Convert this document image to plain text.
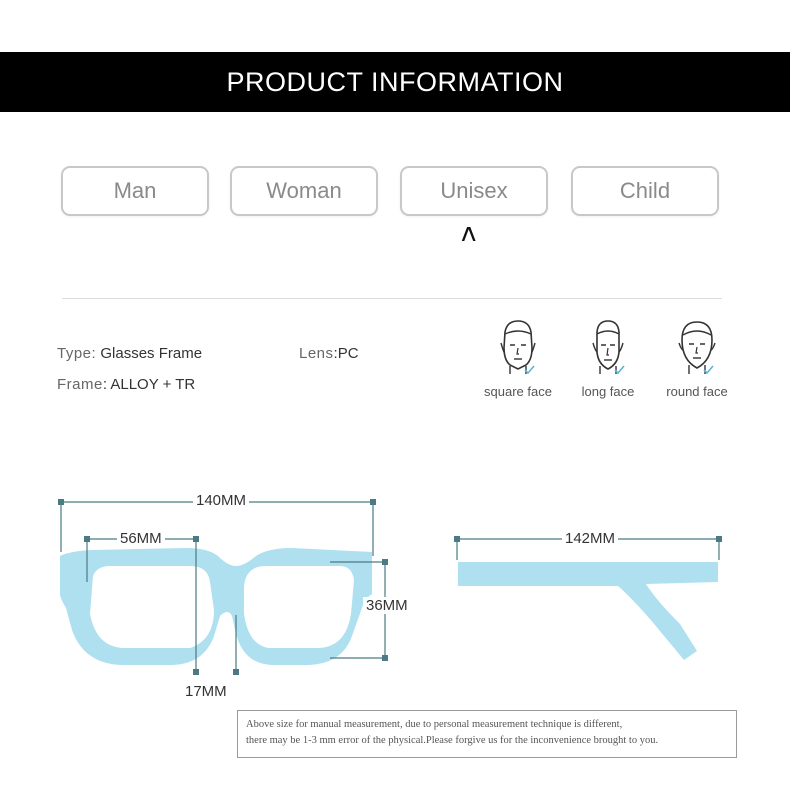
PRODUCT INFORMATION
Man	Woman	Unisex	Child
ʌ
Type: Glasses Frame	Lens:PC
Frame: ALLOY + TR	square face	long face	round face
140MM
56MM
36MM
17MM
142MM
Above size for manual measurement, due to personal measurement technique is different,
there may be 1-3 mm error of the physical.Please forgive us for the inconvenience brought to you.
